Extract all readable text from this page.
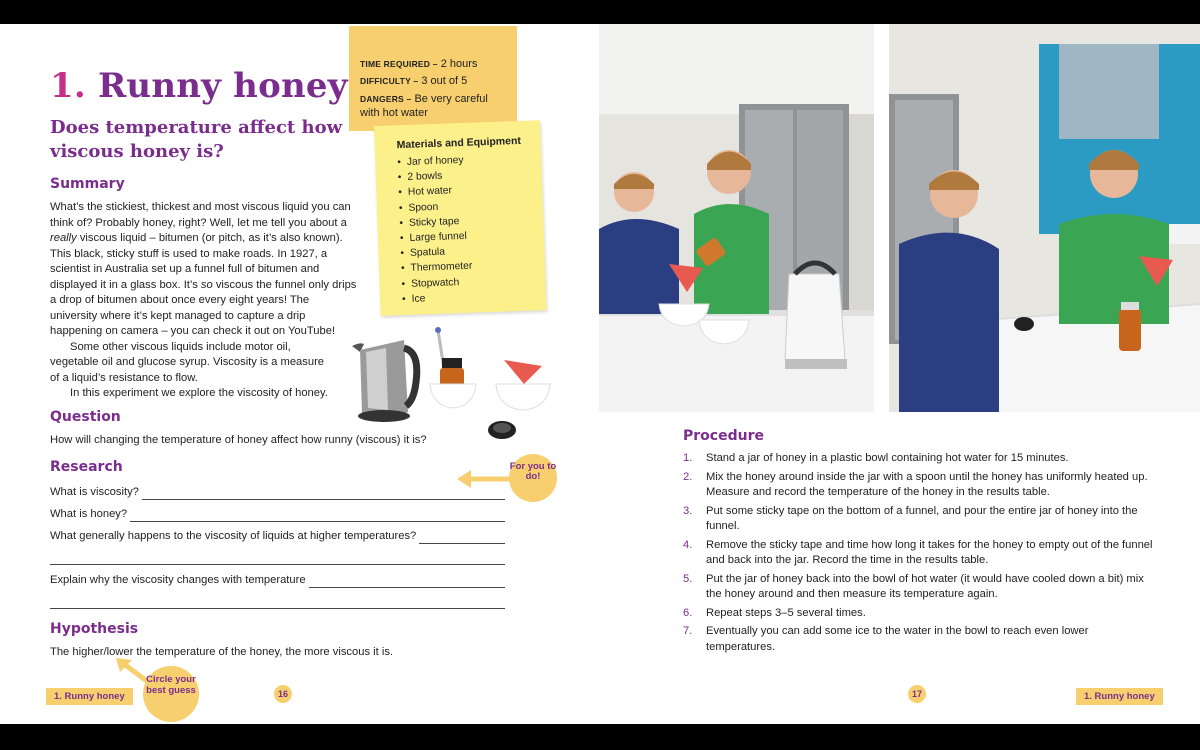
1. Runny honey
Does temperature affect how viscous honey is?
TIME REQUIRED – 2 hours
DIFFICULTY – 3 out of 5
DANGERS – Be very careful with hot water
Materials and Equipment
• Jar of honey
• 2 bowls
• Hot water
• Spoon
• Sticky tape
• Large funnel
• Spatula
• Thermometer
• Stopwatch
• Ice
Summary

What’s the stickiest, thickest and most viscous liquid you can think of? Probably honey, right? Well, let me tell you about a really viscous liquid – bitumen (or pitch, as it’s also known). This black, sticky stuff is used to make roads. In 1927, a scientist in Australia set up a funnel full of bitumen and displayed it in a glass box. It’s so viscous the funnel only drips a drop of bitumen about once every eight years! The university where it’s kept managed to capture a drip happening on camera – you can check it out on YouTube!

Some other viscous liquids include motor oil, vegetable oil and glucose syrup. Viscosity is a measure of a liquid’s resistance to flow.

In this experiment we explore the viscosity of honey.

Question
How will changing the temperature of honey affect how runny (viscous) it is?
Research
What is viscosity?
What is honey?
What generally happens to the viscosity of liquids at higher temperatures?
Explain why the viscosity changes with temperature
Hypothesis
The higher/lower the temperature of the honey, the more viscous it is.
For you to do!
Circle your best guess
1. Runny honey	16
Procedure
1. Stand a jar of honey in a plastic bowl containing hot water for 15 minutes.
2. Mix the honey around inside the jar with a spoon until the honey has uniformly heated up. Measure and record the temperature of the honey in the results table.
3. Put some sticky tape on the bottom of a funnel, and pour the entire jar of honey into the funnel.
4. Remove the sticky tape and time how long it takes for the honey to empty out of the funnel and back into the jar. Record the time in the results table.
5. Put the jar of honey back into the bowl of hot water (it would have cooled down a bit) mix the honey around and then measure its temperature again.
6. Repeat steps 3–5 several times.
7. Eventually you can add some ice to the water in the bowl to reach even lower temperatures.
17	1. Runny honey
